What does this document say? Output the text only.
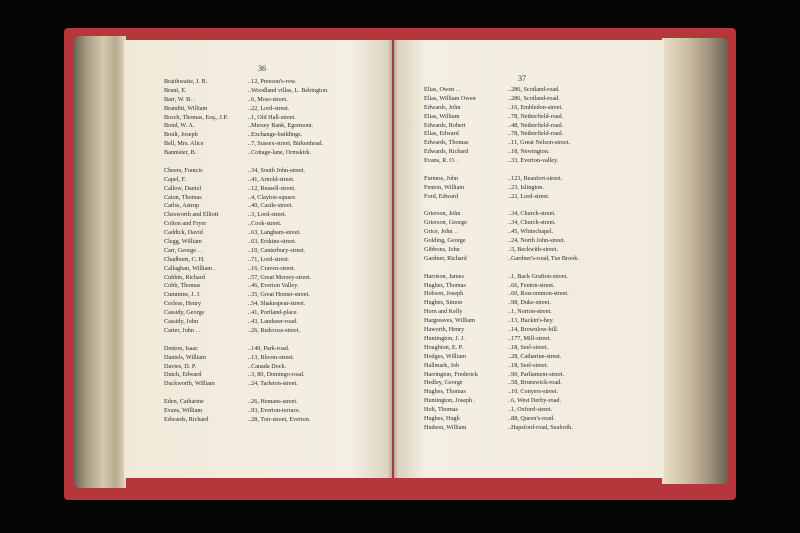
36
Braithwaite, J. B.	..12, Preeson's-row.
Brunt, E.	..Woodland villas, L. Bebington.
Barr, W. B. .	..6, Moss-street.
Branditt, William	..22, Lord-street.
Bosch, Thomas, Esq., J.P.	..1, Old Hall-street.
Bond, W. A.	..Mersey Bank, Egremont.
Boult, Joseph	..Exchange-buildings.
Bell, Mrs. Alice	..7, Sussex-street, Birkenhead.
Bannister, B.	..Cottage-lane, Ormskirk.
Cheers, Francis	..34, South John-street.
Capel, F.	..41, Arnold-street.
Callow, Daniel	..12, Russell-street.
Caton, Thomas	..4, Clayton-square.
Carlss, Astrup	..40, Castle-street.
Chesworth and Elliott	..3, Lord-street.
Colton and Fryer	..Cook-street.
Caddick, David	..63, Langham-street.
Clegg, William	..63, Erskine-street.
Carr, George . .	..10, Canterbury-street.
Chadburn, C. H.	..71, Lord-street.
Callaghan, William .	..16, Craven-street.
Cubbin, Richard	..57, Great Mersey-street.
Cobb, Thomas	..46, Everton Valley.
Cummins, J. J.	..35, Great Homer-street.
Corless, Henry	..54, Shakespear-street.
Cassidy, George	..41, Portland-place.
Cassidy, John	..43, Landseer-road.
Carter, John . .	..26, Redcross-street.
Denton, Isaac	..149, Park-road.
Daniels, William	..13, Bloom-street.
Davies, D. P.	..Canada Dock.
Dutch, Edward	..3, 80, Domingo-road.
Duckworth, William	..24, Tarleton-street.
Eden, Catharine	..26, Hemans-street.
Evans, William	..93, Everton-terrace.
Edwards, Richard	..28, Torr-street, Everton.
37
Elias, Owen . .	..286, Scotland-road.
Elias, William Owen	..286, Scotland-road.
Edwards, John	..16, Embledon-street.
Elias, William	..78, Netherfield-road.
Edwards, Robert	..48, Netherfield-road.
Elias, Edward	..78, Netherfield-road.
Edwards, Thomas	..11, Great Nelson-street.
Edwards, Richard	..18, Newington.
Evans, R. O. .	..33, Everton-valley.
Furness, John	..123, Beaufort-street.
Fenton, William	..23, Islington.
Ford, Edward	..22, Lord-street.
Grierson, John	..34, Church-street.
Grierson, George	..34, Church-street.
Grice, John . .	..45, Whitechapel.
Golding, George	..24, North John-street.
Gibbons, John	..5, Beckwith-street.
Gardner, Richard	..Gardner's-road, Tue Brook.
Harrison, James	..1, Back Grafton-street.
Hughes, Thomas	..66, Fenton-street.
Hobson, Joseph	..60, Roscommon-street.
Hughes, Simon	..98, Duke-street.
Horn and Kelly	..1, Norton-street.
Hargreaves, William	..13, Hackin's-hey.
Haworth, Henry	..14, Brownlow-hill.
Huntington, J. J.	..177, Mill-street.
Houghton, E. P.	..18, Seel-street.
Hodges, William	..28, Catharine-street.
Hallmark, Job	..18, Seel-street.
Harrington, Frederick	..90, Parliament-street.
Hedley, George	..58, Brunswick-road.
Hughes, Thomas	..10, Conyers-street.
Huntington, Joseph .	..6, West Derby-road.
Holt, Thomas	..1, Oxford-street.
Hughes, Hugh	..88, Queen's-road.
Hudson, William	..Hapsford-road, Seaforth.
